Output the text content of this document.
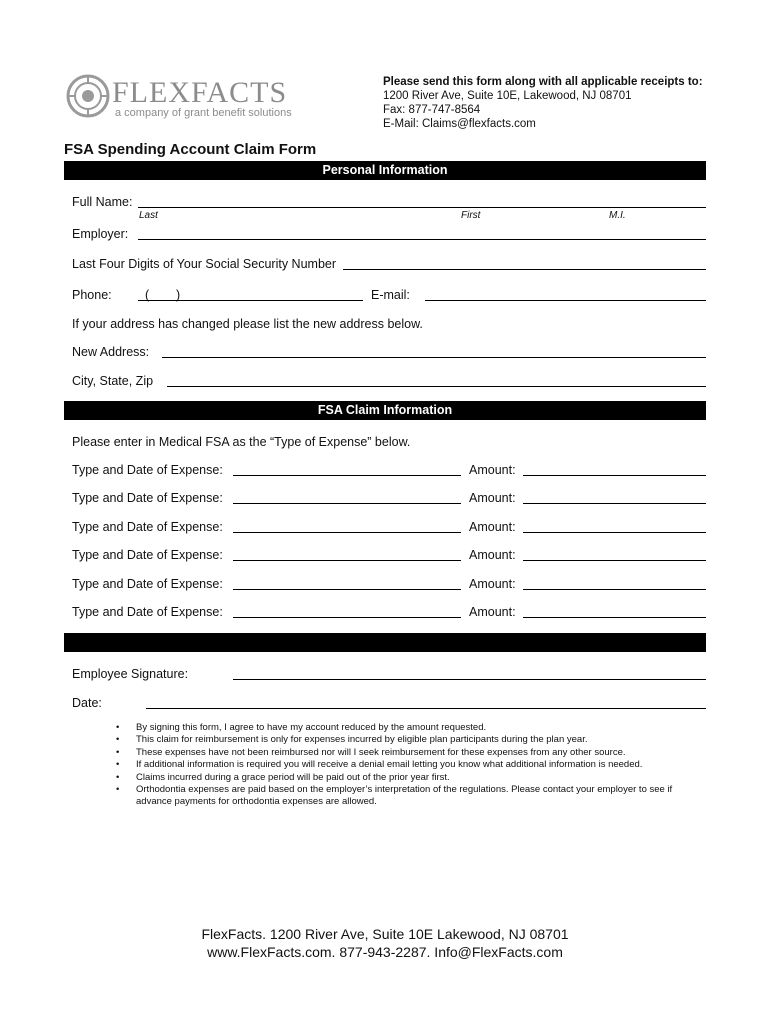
FLEXFACTS
a company of grant benefit solutions
Please send this form along with all applicable receipts to:
1200 River Ave, Suite 10E, Lakewood, NJ 08701
Fax: 877-747-8564
E-Mail: Claims@flexfacts.com
FSA Spending Account Claim Form
Personal Information
Full Name:
Last	First	M.I.
Employer:
Last Four Digits of Your Social Security Number
Phone:	( )	E-mail:
If your address has changed please list the new address below.
New Address:
City, State, Zip
FSA Claim Information
Please enter in Medical FSA as the “Type of Expense” below.
Type and Date of Expense:	Amount:
Type and Date of Expense:	Amount:
Type and Date of Expense:	Amount:
Type and Date of Expense:	Amount:
Type and Date of Expense:	Amount:
Type and Date of Expense:	Amount:
Employee Signature:
Date:
• By signing this form, I agree to have my account reduced by the amount requested.
• This claim for reimbursement is only for expenses incurred by eligible plan participants during the plan year.
• These expenses have not been reimbursed nor will I seek reimbursement for these expenses from any other source.
• If additional information is required you will receive a denial email letting you know what additional information is needed.
• Claims incurred during a grace period will be paid out of the prior year first.
• Orthodontia expenses are paid based on the employer’s interpretation of the regulations. Please contact your employer to see if advance payments for orthodontia expenses are allowed.
FlexFacts. 1200 River Ave, Suite 10E Lakewood, NJ 08701
www.FlexFacts.com. 877-943-2287. Info@FlexFacts.com
